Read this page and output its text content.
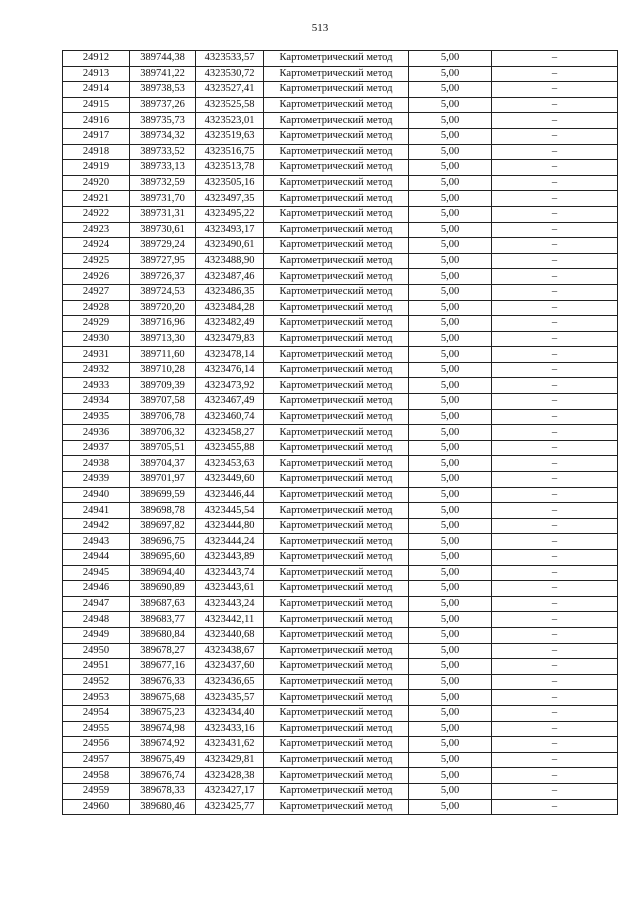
513
24912	389744,38	4323533,57	Картометрический метод	5,00	–
24913	389741,22	4323530,72	Картометрический метод	5,00	–
24914	389738,53	4323527,41	Картометрический метод	5,00	–
24915	389737,26	4323525,58	Картометрический метод	5,00	–
24916	389735,73	4323523,01	Картометрический метод	5,00	–
24917	389734,32	4323519,63	Картометрический метод	5,00	–
24918	389733,52	4323516,75	Картометрический метод	5,00	–
24919	389733,13	4323513,78	Картометрический метод	5,00	–
24920	389732,59	4323505,16	Картометрический метод	5,00	–
24921	389731,70	4323497,35	Картометрический метод	5,00	–
24922	389731,31	4323495,22	Картометрический метод	5,00	–
24923	389730,61	4323493,17	Картометрический метод	5,00	–
24924	389729,24	4323490,61	Картометрический метод	5,00	–
24925	389727,95	4323488,90	Картометрический метод	5,00	–
24926	389726,37	4323487,46	Картометрический метод	5,00	–
24927	389724,53	4323486,35	Картометрический метод	5,00	–
24928	389720,20	4323484,28	Картометрический метод	5,00	–
24929	389716,96	4323482,49	Картометрический метод	5,00	–
24930	389713,30	4323479,83	Картометрический метод	5,00	–
24931	389711,60	4323478,14	Картометрический метод	5,00	–
24932	389710,28	4323476,14	Картометрический метод	5,00	–
24933	389709,39	4323473,92	Картометрический метод	5,00	–
24934	389707,58	4323467,49	Картометрический метод	5,00	–
24935	389706,78	4323460,74	Картометрический метод	5,00	–
24936	389706,32	4323458,27	Картометрический метод	5,00	–
24937	389705,51	4323455,88	Картометрический метод	5,00	–
24938	389704,37	4323453,63	Картометрический метод	5,00	–
24939	389701,97	4323449,60	Картометрический метод	5,00	–
24940	389699,59	4323446,44	Картометрический метод	5,00	–
24941	389698,78	4323445,54	Картометрический метод	5,00	–
24942	389697,82	4323444,80	Картометрический метод	5,00	–
24943	389696,75	4323444,24	Картометрический метод	5,00	–
24944	389695,60	4323443,89	Картометрический метод	5,00	–
24945	389694,40	4323443,74	Картометрический метод	5,00	–
24946	389690,89	4323443,61	Картометрический метод	5,00	–
24947	389687,63	4323443,24	Картометрический метод	5,00	–
24948	389683,77	4323442,11	Картометрический метод	5,00	–
24949	389680,84	4323440,68	Картометрический метод	5,00	–
24950	389678,27	4323438,67	Картометрический метод	5,00	–
24951	389677,16	4323437,60	Картометрический метод	5,00	–
24952	389676,33	4323436,65	Картометрический метод	5,00	–
24953	389675,68	4323435,57	Картометрический метод	5,00	–
24954	389675,23	4323434,40	Картометрический метод	5,00	–
24955	389674,98	4323433,16	Картометрический метод	5,00	–
24956	389674,92	4323431,62	Картометрический метод	5,00	–
24957	389675,49	4323429,81	Картометрический метод	5,00	–
24958	389676,74	4323428,38	Картометрический метод	5,00	–
24959	389678,33	4323427,17	Картометрический метод	5,00	–
24960	389680,46	4323425,77	Картометрический метод	5,00	–
